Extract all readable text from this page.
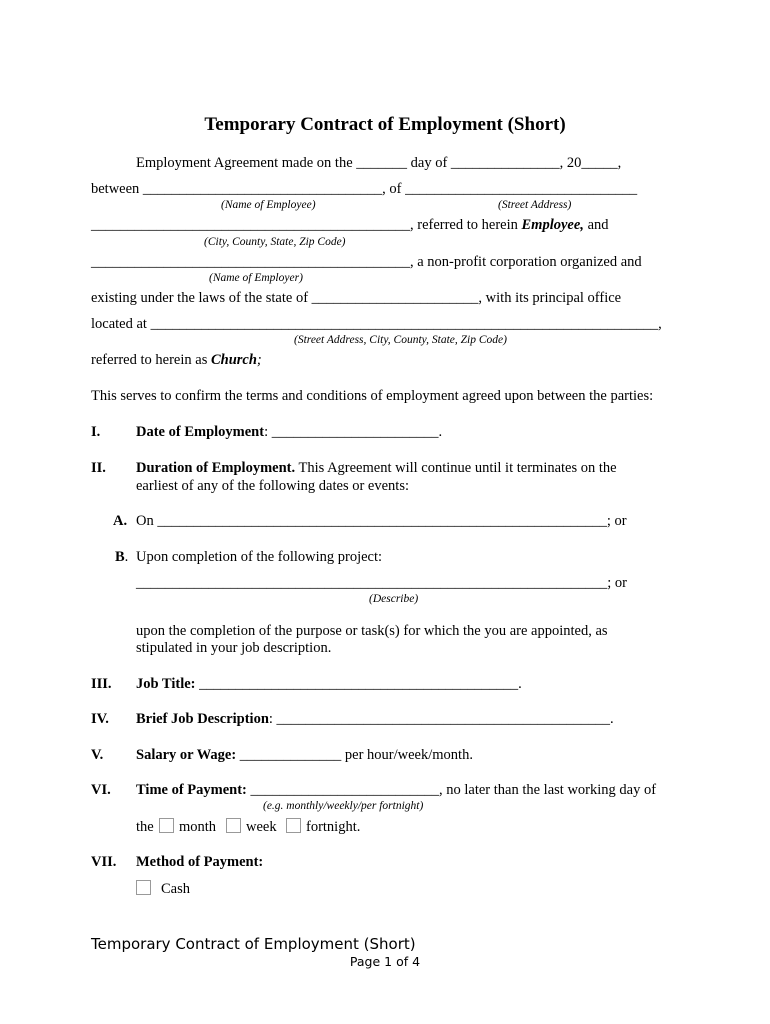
Temporary Contract of Employment (Short)
Employment Agreement made on the _______ day of _______________, 20_____,
between _________________________________, of ________________________________
(Name of Employee)	(Street Address)
____________________________________________, referred to herein Employee, and
(City, County, State, Zip Code)
____________________________________________, a non-profit corporation organized and
(Name of Employer)
existing under the laws of the state of _______________________, with its principal office
located at ______________________________________________________________________,
(Street Address, City, County, State, Zip Code)
referred to herein as Church;
This serves to confirm the terms and conditions of employment agreed upon between the parties:
I. Date of Employment: _______________________.
II. Duration of Employment. This Agreement will continue until it terminates on the
earliest of any of the following dates or events:
A. On ______________________________________________________________; or
B. Upon completion of the following project:
_________________________________________________________________; or
(Describe)
upon the completion of the purpose or task(s) for which the you are appointed, as
stipulated in your job description.
III. Job Title: ____________________________________________.
IV. Brief Job Description: ______________________________________________.
V. Salary or Wage: ______________ per hour/week/month.
VI. Time of Payment: __________________________, no later than the last working day of
(e.g. monthly/weekly/per fortnight)
the month week fortnight.
VII. Method of Payment:
Cash
Temporary Contract of Employment (Short)
Page 1 of 4
